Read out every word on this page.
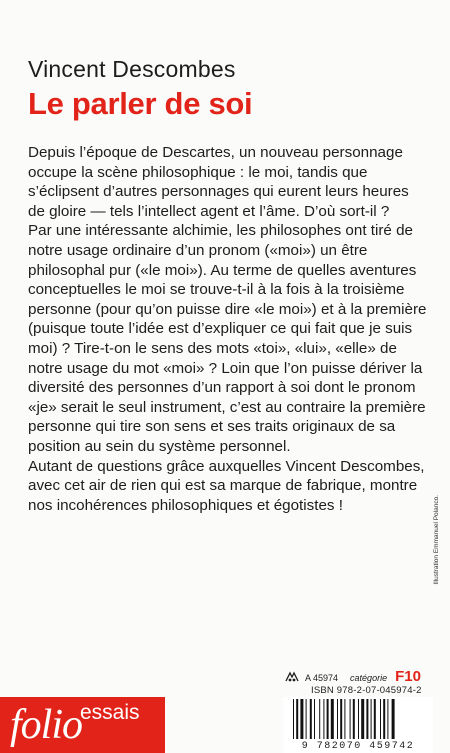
Vincent Descombes
Le parler de soi

Depuis l’époque de Descartes, un nouveau personnage occupe la scène philosophique : le moi, tandis que s’éclipsent d’autres personnages qui eurent leurs heures de gloire — tels l’intellect agent et l’âme. D’où sort-il ?

Par une intéressante alchimie, les philosophes ont tiré de notre usage ordinaire d’un pronom («moi») un être philosophal pur («le moi»). Au terme de quelles aventures conceptuelles le moi se trouve-t-il à la fois à la troisième personne (pour qu’on puisse dire «le moi») et à la première (puisque toute l’idée est d’expliquer ce qui fait que je suis moi) ? Tire-t-on le sens des mots «toi», «lui», «elle» de notre usage du mot «moi» ? Loin que l’on puisse dériver la diversité des personnes d’un rapport à soi dont le pronom «je» serait le seul instrument, c’est au contraire la première personne qui tire son sens et ses traits originaux de sa position au sein du système personnel.

Autant de questions grâce auxquelles Vincent Descombes, avec cet air de rien qui est sa marque de fabrique, montre nos incohérences philosophiques et égotistes !	Illustration Emmanuel Polanco.
A 45974 catégorie F10
ISBN 978-2-07-045974-2
folio
essais
9 782070 459742
